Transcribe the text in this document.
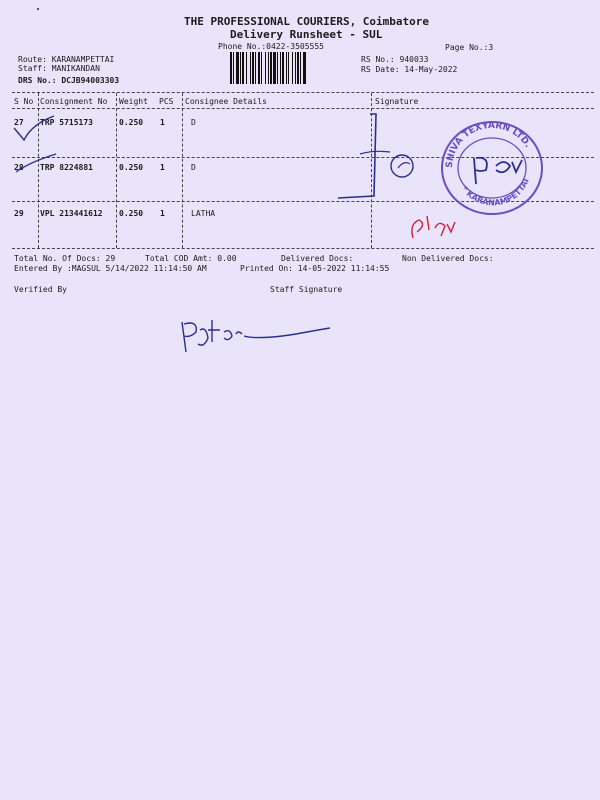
THE PROFESSIONAL COURIERS, Coimbatore
Delivery Runsheet - SUL
Phone No.:0422-3505555	Page No.:3
Route: KARANAMPETTAI
Staff: MANIKANDAN
DRS No.: DCJB94003303
RS No.: 940033
RS Date: 14-May-2022
S No Consignment No Weight PCS Consignee Details	Signature
27 TRP 5715173	0.250 1	D
28 TRP 8224881	0.250 1	D
29 VPL 213441612 0.250 1	LATHA
Total No. Of Docs: 29	Total COD Amt: 0.00	Delivered Docs:	Non Delivered Docs:
Entered By :MAGSUL 5/14/2022 11:14:50 AM	Printed On: 14-05-2022 11:14:55
Verified By	Staff Signature
SHIVA TEXYARN LTD.
* KARANAMPETTAI
